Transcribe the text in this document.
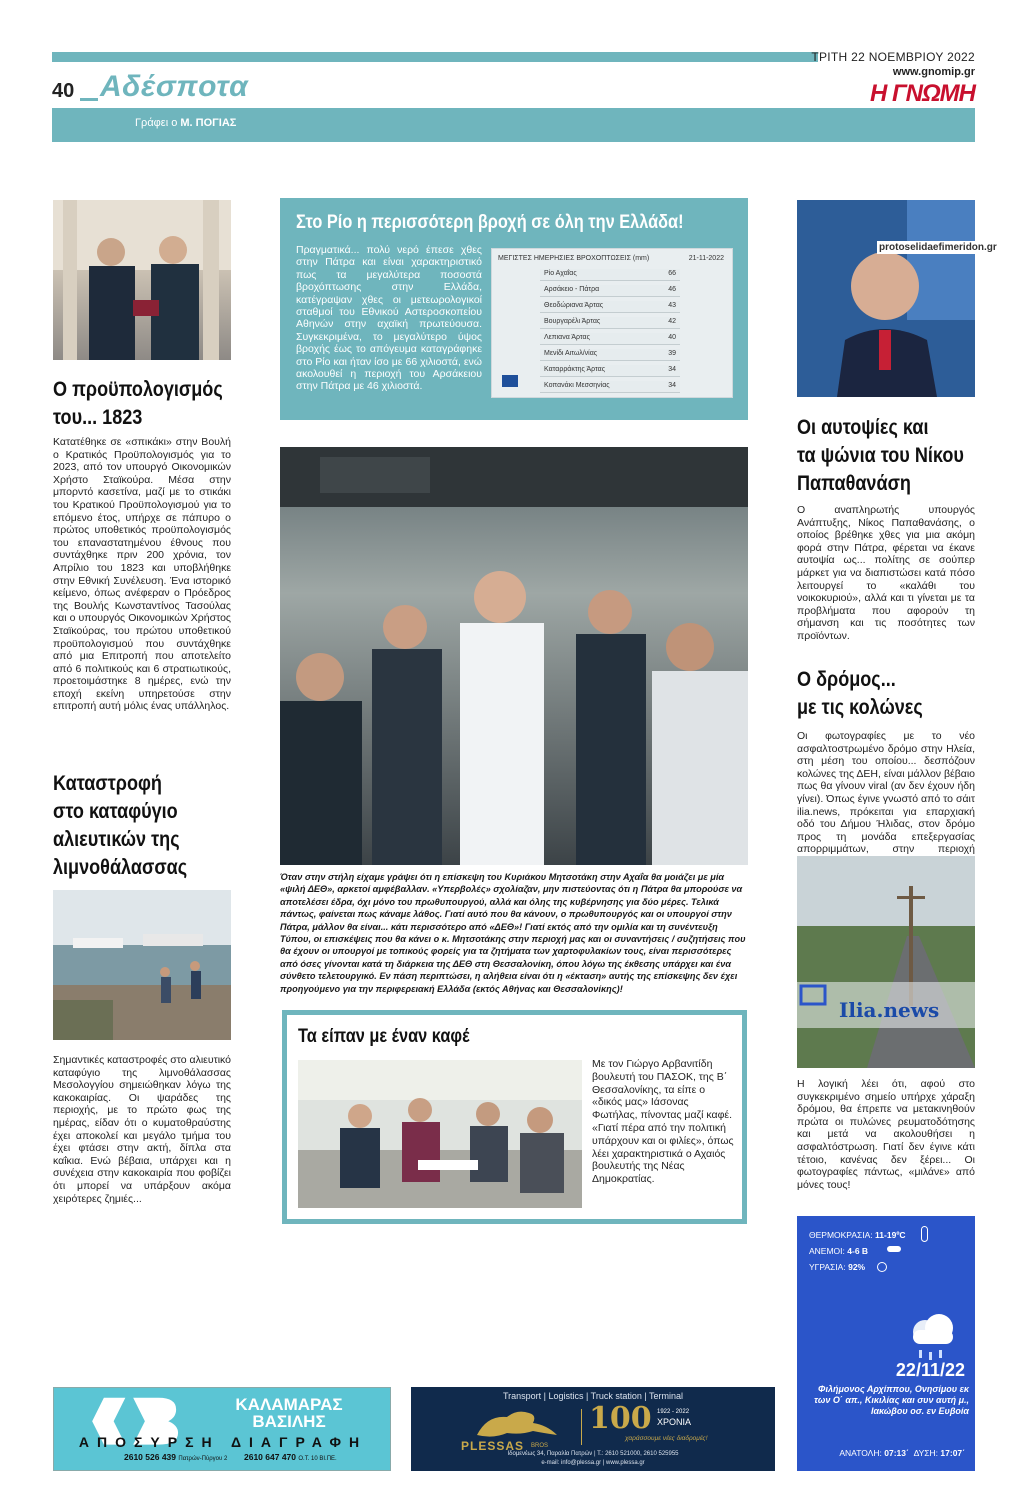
40 Αδέσποτα
Γράφει ο Μ. ΠΟΓΙΑΣ
ΤΡΙΤΗ 22 ΝΟΕΜΒΡΙΟΥ 2022
www.gnomip.gr
Η ΓΝΩΜΗ
Ο προϋπολογισμός
του... 1823
Κατατέθηκε σε «σπικάκι» στην Βουλή ο Κρατικός Προϋπολογισμός για το 2023, από τον υπουργό Οικονομικών Χρήστο Σταϊκούρα. Μέσα στην μπορντό κασετίνα, μαζί με το στικάκι του Κρατικού Προϋπολογισμού για το επόμενο έτος, υπήρχε σε πάπυρο ο πρώτος υποθετικός προϋπολογισμός του επαναστατημένου έθνους που συντάχθηκε πριν 200 χρόνια, τον Απρίλιο του 1823 και υποβλήθηκε στην Εθνική Συνέλευση. Ένα ιστορικό κείμενο, όπως ανέφεραν ο Πρόεδρος της Βουλής Κωνσταντίνος Τασούλας και ο υπουργός Οικονομικών Χρήστος Σταϊκούρας, του πρώτου υποθετικού προϋπολογισμού που συντάχθηκε από μια Επιτροπή που αποτελείτο από 6 πολιτικούς και 6 στρατιωτικούς, προετοιμάστηκε 8 ημέρες, ενώ την εποχή εκείνη υπηρετούσε στην επιτροπή αυτή μόλις ένας υπάλληλος.
Καταστροφή
στο καταφύγιο
αλιευτικών της
λιμνοθάλασσας
Σημαντικές καταστροφές στο αλιευτικό καταφύγιο της λιμνοθάλασσας Μεσολογγίου σημειώθηκαν λόγω της κακοκαιρίας. Οι ψαράδες της περιοχής, με το πρώτο φως της ημέρας, είδαν ότι ο κυματοθραύστης έχει αποκολεί και μεγάλο τμήμα του έχει φτάσει στην ακτή, δίπλα στα καΐκια. Ενώ βέβαια, υπάρχει και η συνέχεια στην κακοκαιρία που φοβίζει ότι μπορεί να υπάρξουν ακόμα χειρότερες ζημιές...
Στο Ρίο η περισσότερη βροχή σε όλη την Ελλάδα!
Πραγματικά... πολύ νερό έπεσε χθες στην Πάτρα και είναι χαρακτηριστικό πως τα μεγαλύτερα ποσοστά βροχόπτωσης στην Ελλάδα, κατέγραψαν χθες οι μετεωρολογικοί σταθμοί του Εθνικού Αστεροσκοπείου Αθηνών στην αχαϊκή πρωτεύουσα. Συγκεκριμένα, το μεγαλύτερο ύψος βροχής έως το απόγευμα καταγράφηκε στο Ρίο και ήταν ίσο με 66 χιλιοστά, ενώ ακολουθεί η περιοχή του Αρσάκειου στην Πάτρα με 46 χιλιοστά.
ΜΕΓΙΣΤΕΣ ΗΜΕΡΗΣΙΕΣ ΒΡΟΧΟΠΤΩΣΕΙΣ (mm)	21-11-2022
Ρίο Αχαΐας	66
Αρσάκειο - Πάτρα	46
Θεοδώριανα Άρτας	43
Βουργαρέλι Άρτας	42
Λεπιανα Άρτας	40
Μενίδι Αιτωλ/νίας	39
Καταρράκτης Άρτας	34
Κοπανάκι Μεσσηνίας	34
Όταν στην στήλη είχαμε γράψει ότι η επίσκεψη του Κυριάκου Μητσοτάκη στην Αχαΐα θα μοιάζει με μία «ψιλή ΔΕΘ», αρκετοί αμφέβαλλαν. «Υπερβολές» σχολίαζαν, μην πιστεύοντας ότι η Πάτρα θα μπορούσε να αποτελέσει έδρα, όχι μόνο του πρωθυπουργού, αλλά και όλης της κυβέρνησης για δύο μέρες. Τελικά πάντως, φαίνεται πως κάναμε λάθος. Γιατί αυτό που θα κάνουν, ο πρωθυπουργός και οι υπουργοί στην Πάτρα, μάλλον θα είναι... κάτι περισσότερο από «ΔΕΘ»! Γιατί εκτός από την ομιλία και τη συνέντευξη Τύπου, οι επισκέψεις που θα κάνει ο κ. Μητσοτάκης στην περιοχή μας και οι συναντήσεις / συζητήσεις που θα έχουν οι υπουργοί με τοπικούς φορείς για τα ζητήματα των χαρτοφυλακίων τους, είναι περισσότερες από όσες γίνονται κατά τη διάρκεια της ΔΕΘ στη Θεσσαλονίκη, όπου λόγω της έκθεσης υπάρχει και ένα σύνθετο τελετουργικό. Εν πάση περιπτώσει, η αλήθεια είναι ότι η «έκταση» αυτής της επίσκεψης δεν έχει προηγούμενο για την περιφερειακή Ελλάδα (εκτός Αθήνας και Θεσσαλονίκης)!
Τα είπαν με έναν καφέ
Με τον Γιώργο Αρβανιτίδη βουλευτή του ΠΑΣΟΚ, της Β΄ Θεσσαλονίκης, τα είπε ο «δικός μας» Ιάσονας Φωτήλας, πίνοντας μαζί καφέ. «Γιατί πέρα από την πολιτική υπάρχουν και οι φιλίες», όπως λέει χαρακτηριστικά ο Αχαιός βουλευτής της Νέας Δημοκρατίας.
protoselidaefimeridon.gr
Οι αυτοψίες και
τα ψώνια του Νίκου
Παπαθανάση
Ο αναπληρωτής υπουργός Ανάπτυξης, Νίκος Παπαθανάσης, ο οποίος βρέθηκε χθες για μια ακόμη φορά στην Πάτρα, φέρεται να έκανε αυτοψία ως... πολίτης σε σούπερ μάρκετ για να διαπιστώσει κατά πόσο λειτουργεί το «καλάθι του νοικοκυριού», αλλά και τι γίνεται με τα προβλήματα που αφορούν τη σήμανση και τις ποσότητες των προϊόντων.
Ο δρόμος...
με τις κολώνες
Οι φωτογραφίες με το νέο ασφαλτοστρωμένο δρόμο στην Ηλεία, στη μέση του οποίου... δεσπόζουν κολώνες της ΔΕΗ, είναι μάλλον βέβαιο πως θα γίνουν viral (αν δεν έχουν ήδη γίνει). Όπως έγινε γνωστό από το σάιτ ilia.news, πρόκειται για επαρχιακή οδό του Δήμου Ήλιδας, στον δρόμο προς τη μονάδα επεξεργασίας απορριμμάτων, στην περιοχή
Ilia.news
Η λογική λέει ότι, αφού στο συγκεκριμένο σημείο υπήρχε χάραξη δρόμου, θα έπρεπε να μετακινηθούν πρώτα οι πυλώνες ρευματοδότησης και μετά να ακολουθήσει η ασφαλτόστρωση. Γιατί δεν έγινε κάτι τέτοιο, κανένας δεν ξέρει... Οι φωτογραφίες πάντως, «μιλάνε» από μόνες τους!
ΚΑΛΑΜΑΡΑΣ
ΒΑΣΙΛΗΣ
ΑΠΟΣΥΡΣΗ ΔΙΑΓΡΑΦΗ
2610 526 439 Πατρών-Πύργου 2 2610 647 470 Ο.Τ. 10 ΒΙ.ΠΕ.
Transport | Logistics | Truck station | Terminal
PLESSAS BROS
100 1922 - 2022
ΧΡΟΝΙΑ
χαράσσουμε νέες διαδρομές!
Ιδομενέως 34, Παραλία Πατρών | Τ.: 2610 521000, 2610 525955
e-mail: info@plessa.gr | www.plessa.gr
ΘΕΡΜΟΚΡΑΣΙΑ: 11-19ºC
ΑΝΕΜΟΙ: 4-6 Β
ΥΓΡΑΣΙΑ: 92%
22/11/22
Φιλήμονος Αρχίππου, Ονησίμου εκ των Ο΄ απ., Κικιλίας και συν αυτή μ., Ιακώβου οσ. εν Ευβοία
ΑΝΑΤΟΛΗ: 07:13΄ ΔΥΣΗ: 17:07΄
